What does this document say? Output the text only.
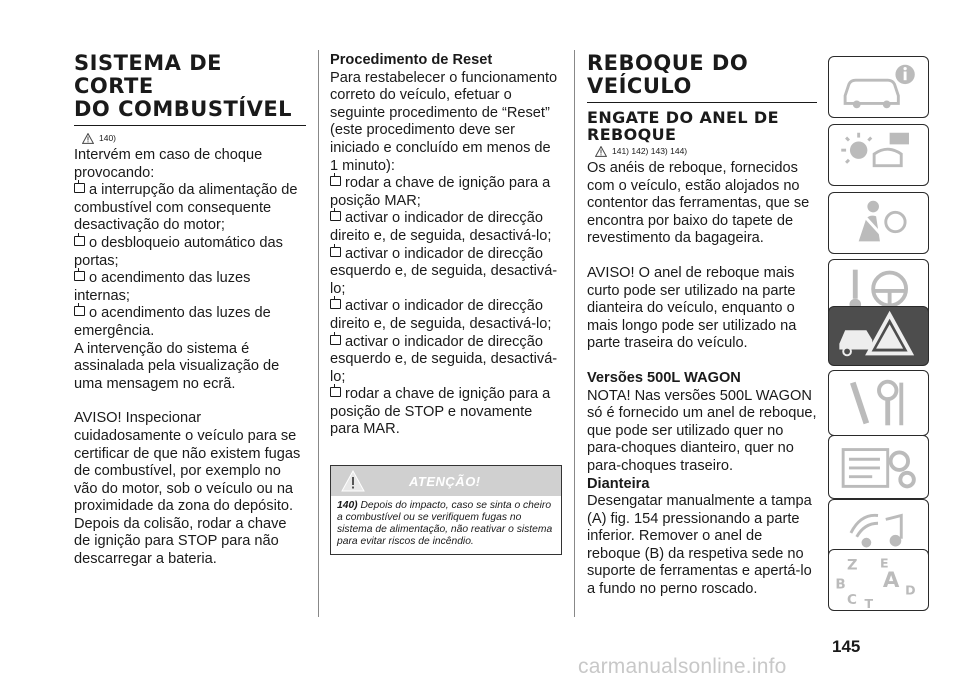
SISTEMA DE CORTE

DO COMBUSTÍVEL

140)

Intervém em caso de choque provocando:

a interrupção da alimentação de combustível com consequente desactivação do motor;

o desbloqueio automático das portas;

o acendimento das luzes internas;

o acendimento das luzes de emergência.

A intervenção do sistema é assinalada pela visualização de uma mensagem no ecrã.

AVISO! Inspecionar cuidadosamente o veículo para se certificar de que não existem fugas de combustível, por exemplo no vão do motor, sob o veículo ou na proximidade da zona do depósito. Depois da colisão, rodar a chave de ignição para STOP para não descarregar a bateria.

Procedimento de Reset

Para restabelecer o funcionamento correto do veículo, efetuar o seguinte procedimento de “Reset” (este procedimento deve ser iniciado e concluído em menos de 1 minuto):

rodar a chave de ignição para a posição MAR;

activar o indicador de direcção direito e, de seguida, desactivá-lo;

activar o indicador de direcção esquerdo e, de seguida, desactivá-lo;

activar o indicador de direcção direito e, de seguida, desactivá-lo;

activar o indicador de direcção esquerdo e, de seguida, desactivá-lo;

rodar a chave de ignição para a posição de STOP e novamente para MAR.

ATENÇÃO!
140) Depois do impacto, caso se sinta o cheiro a combustível ou se verifiquem fugas no sistema de alimentação, não reativar o sistema para evitar riscos de incêndio.

REBOQUE DO

VEÍCULO

ENGATE DO ANEL DE
REBOQUE
141) 142) 143) 144)

Os anéis de reboque, fornecidos com o veículo, estão alojados no contentor das ferramentas, que se encontra por baixo do tapete de revestimento da bagageira.

AVISO! O anel de reboque mais curto pode ser utilizado na parte dianteira do veículo, enquanto o mais longo pode ser utilizado na parte traseira do veículo.

Versões 500L WAGON

NOTA! Nas versões 500L WAGON só é fornecido um anel de reboque, que pode ser utilizado quer no para-choques dianteiro, quer no para-choques traseiro.

Dianteira

Desengatar manualmente a tampa (A) fig. 154 pressionando a parte inferior. Remover o anel de reboque (B) da respetiva sede no suporte de ferramentas e apertá-lo a fundo no perno roscado.

Z E
A
B	D
C T
145
carmanualsonline.info
